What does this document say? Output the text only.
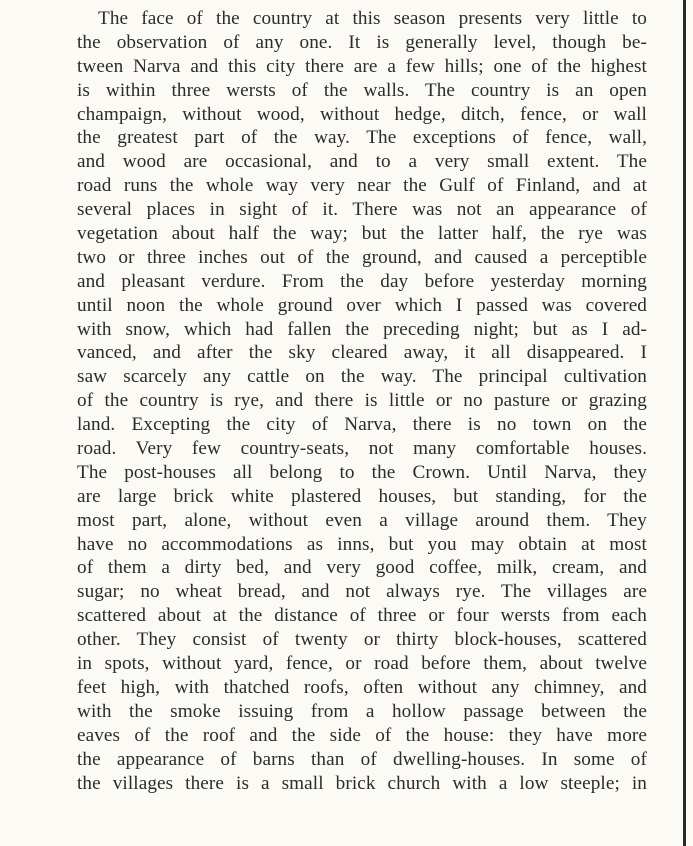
The face of the country at this season presents very little to
the observation of any one. It is generally level, though be-
tween Narva and this city there are a few hills; one of the highest
is within three wersts of the walls. The country is an open
champaign, without wood, without hedge, ditch, fence, or wall
the greatest part of the way. The exceptions of fence, wall,
and wood are occasional, and to a very small extent. The
road runs the whole way very near the Gulf of Finland, and at
several places in sight of it. There was not an appearance of
vegetation about half the way; but the latter half, the rye was
two or three inches out of the ground, and caused a perceptible
and pleasant verdure. From the day before yesterday morning
until noon the whole ground over which I passed was covered
with snow, which had fallen the preceding night; but as I ad-
vanced, and after the sky cleared away, it all disappeared. I
saw scarcely any cattle on the way. The principal cultivation
of the country is rye, and there is little or no pasture or grazing
land. Excepting the city of Narva, there is no town on the
road. Very few country-seats, not many comfortable houses.
The post-houses all belong to the Crown. Until Narva, they
are large brick white plastered houses, but standing, for the
most part, alone, without even a village around them. They
have no accommodations as inns, but you may obtain at most
of them a dirty bed, and very good coffee, milk, cream, and
sugar; no wheat bread, and not always rye. The villages are
scattered about at the distance of three or four wersts from each
other. They consist of twenty or thirty block-houses, scattered
in spots, without yard, fence, or road before them, about twelve
feet high, with thatched roofs, often without any chimney, and
with the smoke issuing from a hollow passage between the
eaves of the roof and the side of the house: they have more
the appearance of barns than of dwelling-houses. In some of
the villages there is a small brick church with a low steeple; in
